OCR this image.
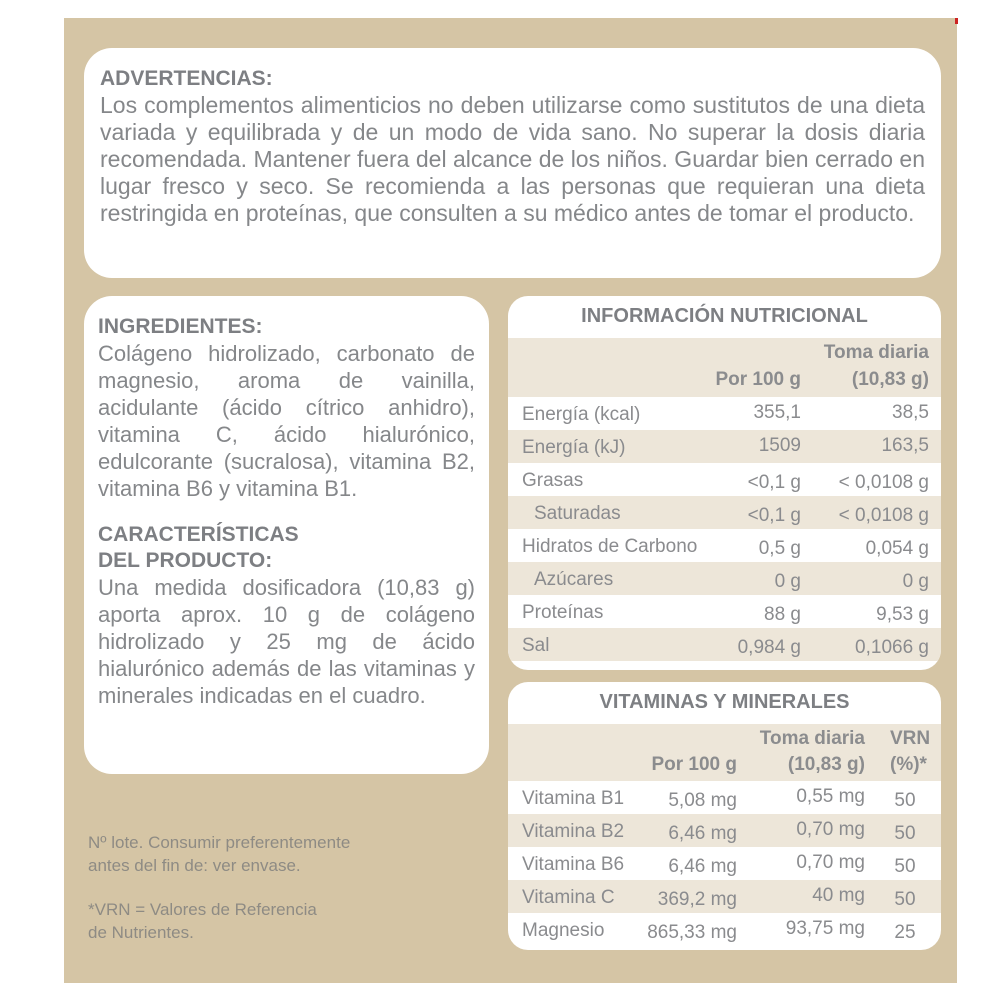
ADVERTENCIAS:
Los complementos alimenticios no deben utilizarse como sustitutos de una dieta variada y equilibrada y de un modo de vida sano. No superar la dosis diaria recomendada. Mantener fuera del alcance de los niños. Guardar bien cerrado en lugar fresco y seco. Se recomienda a las personas que requieran una dieta restringida en proteínas, que consulten a su médico antes de tomar el producto.
INGREDIENTES:
Colágeno hidrolizado, carbonato de magnesio, aroma de vainilla, acidulante (ácido cítrico anhidro), vitamina C, ácido hialurónico, edulcorante (sucralosa), vitamina B2, vitamina B6 y vitamina B1.
CARACTERÍSTICAS
DEL PRODUCTO:
Una medida dosificadora (10,83 g) aporta aprox. 10 g de colágeno hidrolizado y 25 mg de ácido hialurónico además de las vitaminas y minerales indicadas en el cuadro.
Nº lote. Consumir preferentemente
antes del fin de: ver envase.
*VRN = Valores de Referencia
de Nutrientes.
INFORMACIÓN NUTRICIONAL
Por 100 g
Toma diaria
(10,83 g)
Energía (kcal)	355,1	38,5
Energía (kJ)	1509	163,5
Grasas	<0,1 g < 0,0108 g
Saturadas	<0,1 g < 0,0108 g
Hidratos de Carbono	0,5 g	0,054 g
Azúcares	0 g	0 g
Proteínas	88 g	9,53 g
Sal	0,984 g	0,1066 g
VITAMINAS Y MINERALES
Por 100 g
Toma diaria
(10,83 g)
VRN
(%)*
Vitamina B1 5,08 mg	0,55 mg 50
Vitamina B2 6,46 mg	0,70 mg 50
Vitamina B6 6,46 mg	0,70 mg 50
Vitamina C 369,2 mg	40 mg 50
Magnesio 865,33 mg	93,75 mg 25
